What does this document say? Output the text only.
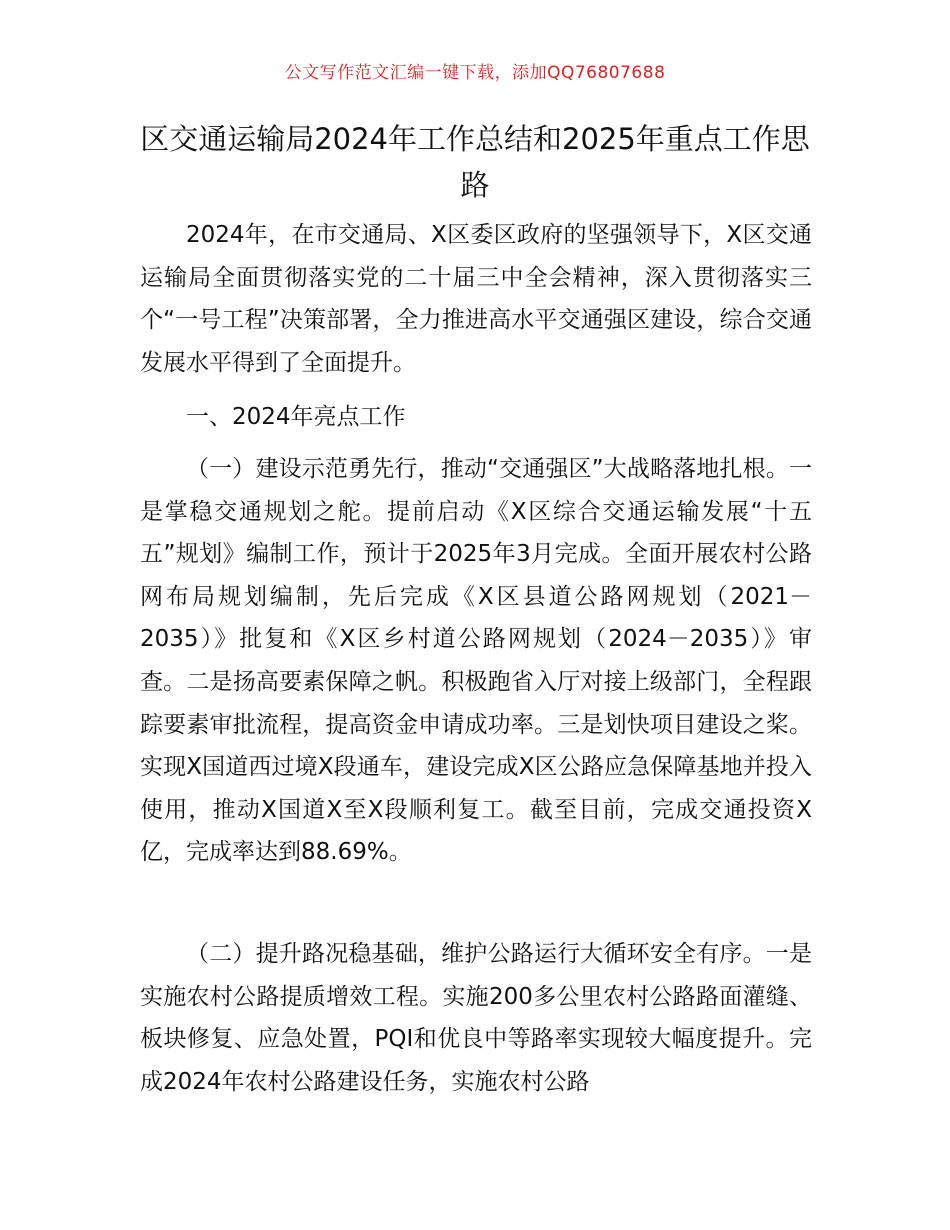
公文写作范文汇编一键下载，添加QQ76807688
区交通运输局2024年工作总结和2025年重点工作思路

2024年，在市交通局、X区委区政府的坚强领导下，X区交通运输局全面贯彻落实党的二十届三中全会精神，深入贯彻落实三个“一号工程”决策部署，全力推进高水平交通强区建设，综合交通发展水平得到了全面提升。

一、2024年亮点工作

（一）建设示范勇先行，推动“交通强区”大战略落地扎根。一是掌稳交通规划之舵。提前启动《X区综合交通运输发展“十五五”规划》编制工作，预计于2025年3月完成。全面开展农村公路网布局规划编制，先后完成《X区县道公路网规划（2021－2035）》批复和《X区乡村道公路网规划（2024－2035）》审查。二是扬高要素保障之帆。积极跑省入厅对接上级部门，全程跟踪要素审批流程，提高资金申请成功率。三是划快项目建设之桨。实现X国道西过境X段通车，建设完成X区公路应急保障基地并投入使用，推动X国道X至X段顺利复工。截至目前，完成交通投资X亿，完成率达到88.69%。

（二）提升路况稳基础，维护公路运行大循环安全有序。一是实施农村公路提质增效工程。实施200多公里农村公路路面灌缝、板块修复、应急处置，PQI和优良中等路率实现较大幅度提升。完成2024年农村公路建设任务，实施农村公路
